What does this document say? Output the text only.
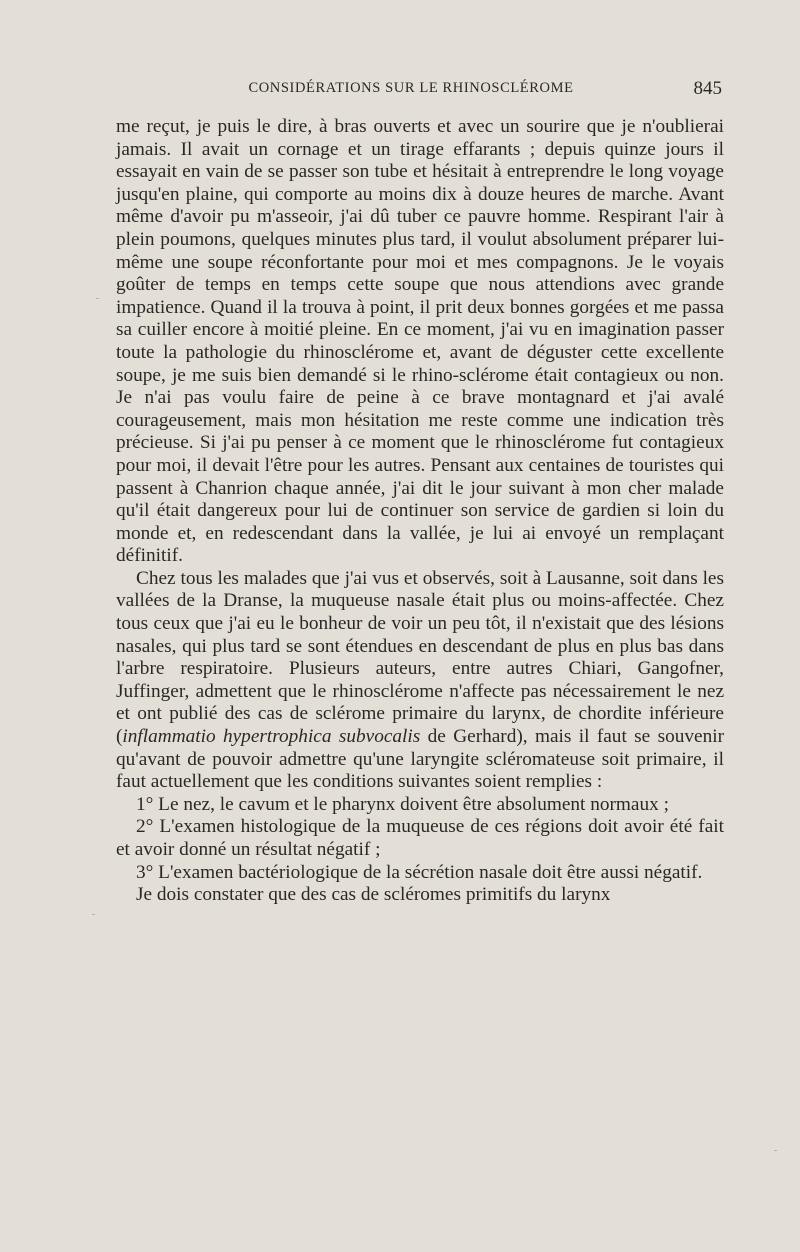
CONSIDÉRATIONS SUR LE RHINOSCLÉROME	845

me reçut, je puis le dire, à bras ouverts et avec un sourire que je n'oublierai jamais. Il avait un cornage et un tirage effarants ; depuis quinze jours il essayait en vain de se passer son tube et hésitait à entreprendre le long voyage jusqu'en plaine, qui comporte au moins dix à douze heures de marche. Avant même d'avoir pu m'asseoir, j'ai dû tuber ce pauvre homme. Respirant l'air à plein poumons, quelques minutes plus tard, il voulut absolument préparer lui-même une soupe réconfortante pour moi et mes compagnons. Je le voyais goûter de temps en temps cette soupe que nous attendions avec grande impatience. Quand il la trouva à point, il prit deux bonnes gorgées et me passa sa cuiller encore à moitié pleine. En ce moment, j'ai vu en imagination passer toute la pathologie du rhinosclérome et, avant de déguster cette excellente soupe, je me suis bien demandé si le rhino-sclérome était contagieux ou non. Je n'ai pas voulu faire de peine à ce brave montagnard et j'ai avalé courageusement, mais mon hésitation me reste comme une indication très précieuse. Si j'ai pu penser à ce moment que le rhinosclérome fut contagieux pour moi, il devait l'être pour les autres. Pensant aux centaines de touristes qui passent à Chanrion chaque année, j'ai dit le jour suivant à mon cher malade qu'il était dangereux pour lui de continuer son service de gardien si loin du monde et, en redescendant dans la vallée, je lui ai envoyé un remplaçant définitif.

Chez tous les malades que j'ai vus et observés, soit à Lausanne, soit dans les vallées de la Dranse, la muqueuse nasale était plus ou moins-affectée. Chez tous ceux que j'ai eu le bonheur de voir un peu tôt, il n'existait que des lésions nasales, qui plus tard se sont étendues en descendant de plus en plus bas dans l'arbre respiratoire. Plusieurs auteurs, entre autres Chiari, Gangofner, Juffinger, admettent que le rhinosclérome n'affecte pas nécessairement le nez et ont publié des cas de sclérome primaire du larynx, de chordite inférieure (inflammatio hypertrophica subvocalis de Gerhard), mais il faut se souvenir qu'avant de pouvoir admettre qu'une laryngite scléromateuse soit primaire, il faut actuellement que les conditions suivantes soient remplies :

1° Le nez, le cavum et le pharynx doivent être absolument normaux ;

2° L'examen histologique de la muqueuse de ces régions doit avoir été fait et avoir donné un résultat négatif ;

3° L'examen bactériologique de la sécrétion nasale doit être aussi négatif.

Je dois constater que des cas de scléromes primitifs du larynx
